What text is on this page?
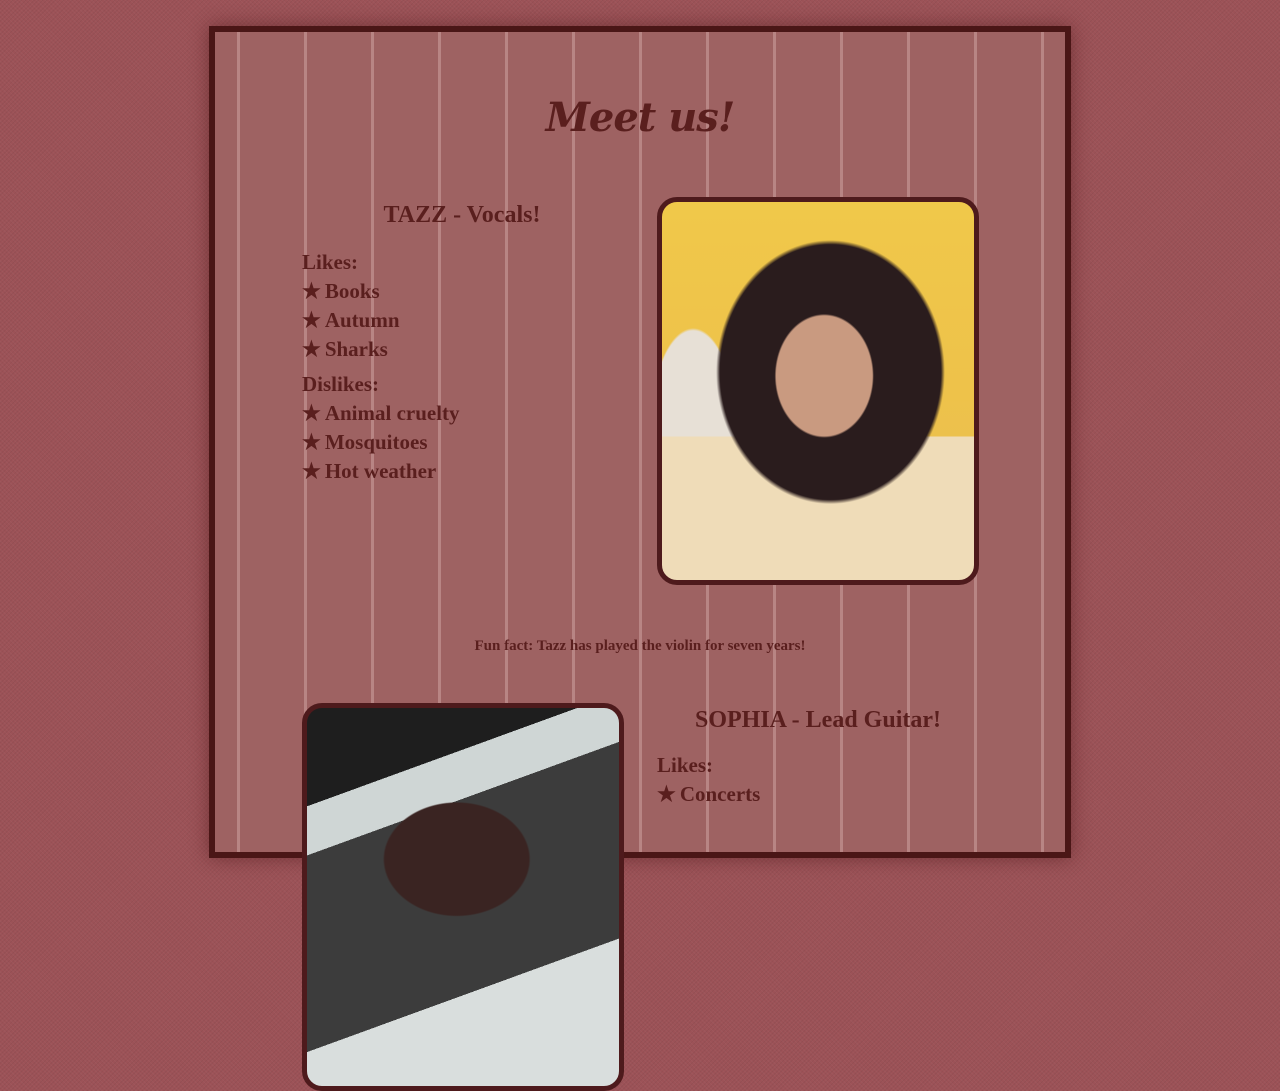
Meet us!
TAZZ - Vocals!
Likes:
★ Books
★ Autumn
★ Sharks
Dislikes:
★ Animal cruelty
★ Mosquitoes
★ Hot weather

Fun fact: Tazz has played the violin for seven years!

SOPHIA - Lead Guitar!
Likes:
★ Concerts
